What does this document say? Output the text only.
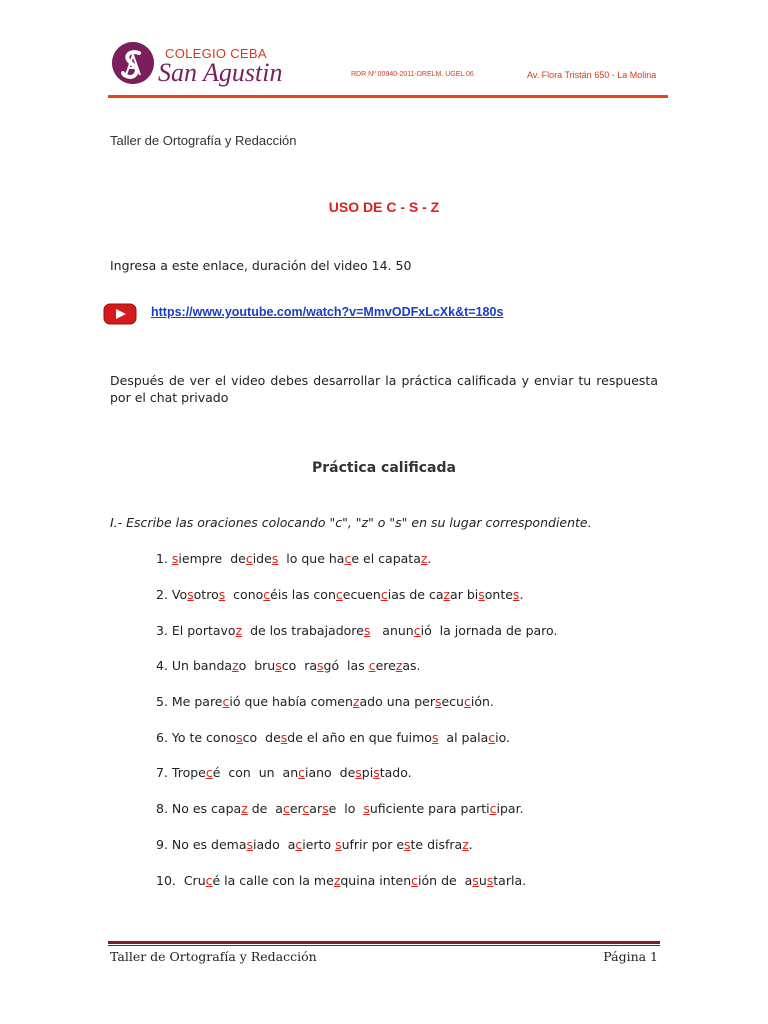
COLEGIO CEBA
San Agustin	RDR Nº 00940-2011-DRELM. UGEL 06	Av. Flora Tristán 650 - La Molina
Taller de Ortografía y Redacción
USO DE C - S - Z
Ingresa a este enlace, duración del video 14. 50
https://www.youtube.com/watch?v=MmvODFxLcXk&t=180s
Después de ver el video debes desarrollar la práctica calificada y enviar tu respuesta por el chat privado
Práctica calificada
I.- Escribe las oraciones colocando "c", "z" o "s" en su lugar correspondiente.
1. siempre  decides  lo que hace el capataz.
2. Vosotros  conocéis las concecuencias de cazar bisontes.
3. El portavoz  de los trabajadores   anunció  la jornada de paro.
4. Un bandazo  brusco  rasgó  las cerezas.
5. Me pareció que había comenzado una persecución.
6. Yo te conosco  desde el año en que fuimos  al palacio.
7. Tropecé  con  un  anciano  despistado.
8. No es capaz de  acercarse  lo  suficiente para participar.
9. No es demasiado  acierto sufrir por este disfraz.
10.  Crucé la calle con la mezquina intención de  asustarla.
Taller de Ortografía y Redacción	Página 1
